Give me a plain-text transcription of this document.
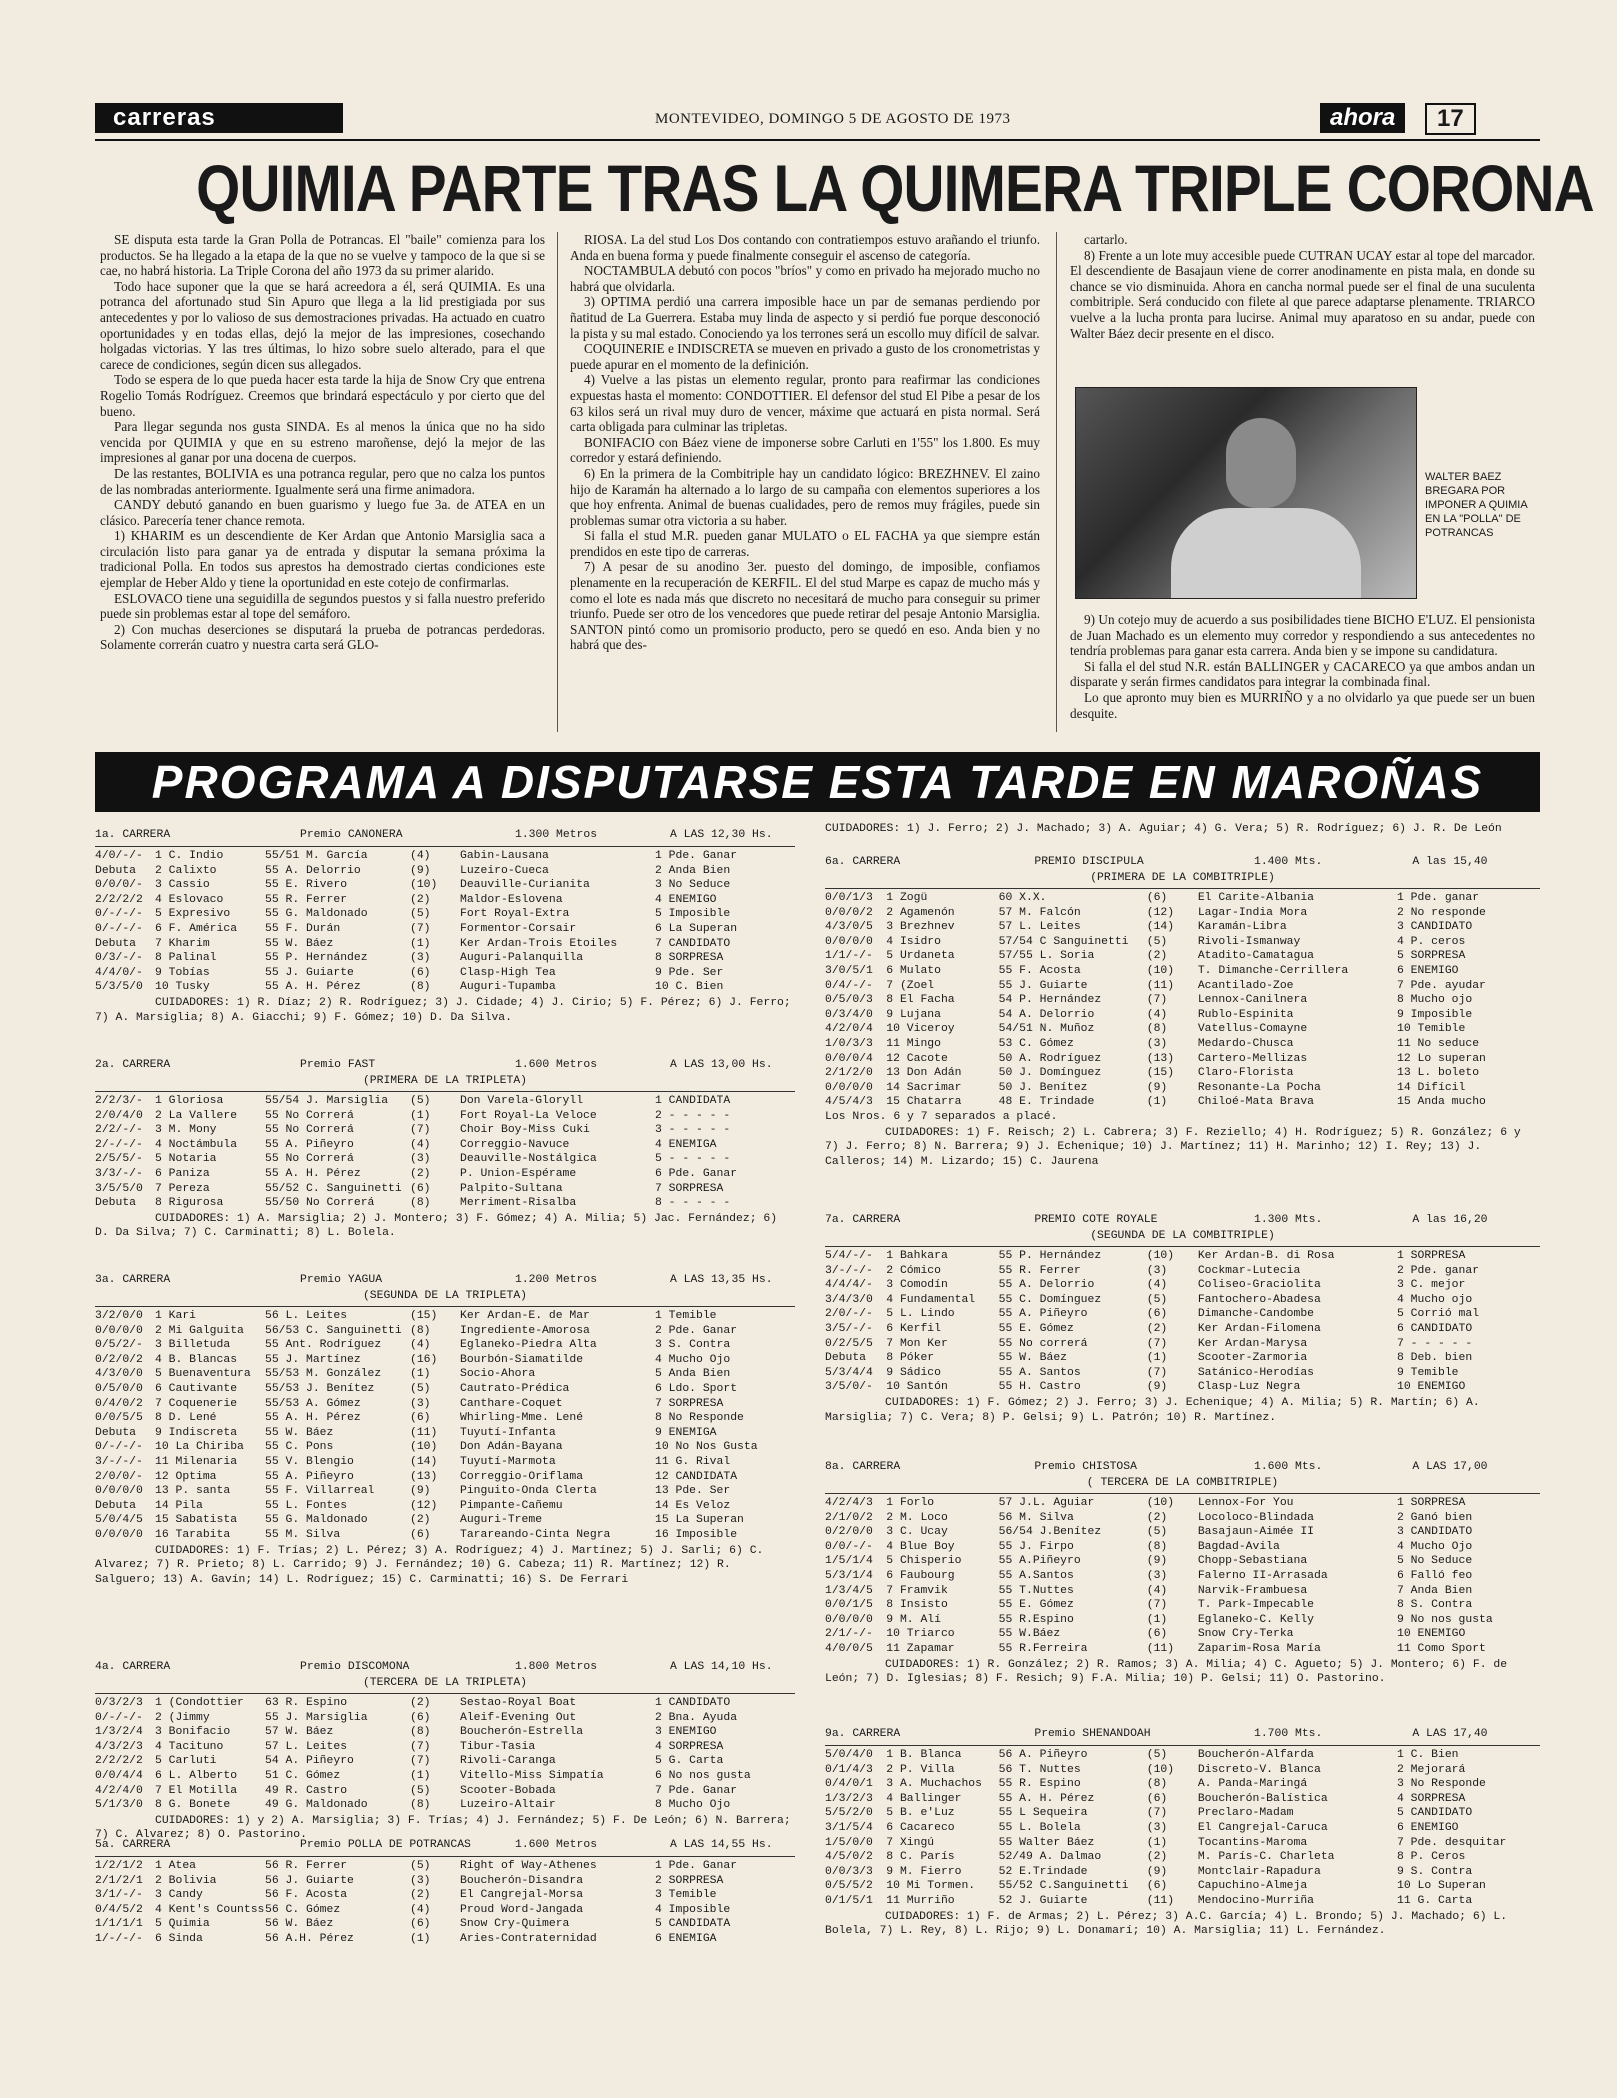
carreras	MONTEVIDEO, DOMINGO 5 DE AGOSTO DE 1973	ahora	17
QUIMIA PARTE TRAS LA QUIMERA TRIPLE CORONA

SE disputa esta tarde la Gran Polla de Potrancas. El "baile" comienza para los productos. Se ha llegado a la etapa de la que no se vuelve y tampoco de la que si se cae, no habrá historia. La Triple Corona del año 1973 da su primer alarido.

Todo hace suponer que la que se hará acreedora a él, será QUIMIA. Es una potranca del afortunado stud Sin Apuro que llega a la lid prestigiada por sus antecedentes y por lo valioso de sus demostraciones privadas. Ha actuado en cuatro oportunidades y en todas ellas, dejó la mejor de las impresiones, cosechando holgadas victorias. Y las tres últimas, lo hizo sobre suelo alterado, para el que carece de condiciones, según dicen sus allegados.

Todo se espera de lo que pueda hacer esta tarde la hija de Snow Cry que entrena Rogelio Tomás Rodríguez. Creemos que brindará espectáculo y por cierto que del bueno.

Para llegar segunda nos gusta SINDA. Es al menos la única que no ha sido vencida por QUIMIA y que en su estreno maroñense, dejó la mejor de las impresiones al ganar por una docena de cuerpos.

De las restantes, BOLIVIA es una potranca regular, pero que no calza los puntos de las nombradas anteriormente. Igualmente será una firme animadora.

CANDY debutó ganando en buen guarismo y luego fue 3a. de ATEA en un clásico. Parecería tener chance remota.

1) KHARIM es un descendiente de Ker Ardan que Antonio Marsiglia saca a circulación listo para ganar ya de entrada y disputar la semana próxima la tradicional Polla. En todos sus aprestos ha demostrado ciertas condiciones este ejemplar de Heber Aldo y tiene la oportunidad en este cotejo de confirmarlas.

ESLOVACO tiene una seguidilla de segundos puestos y si falla nuestro preferido puede sin problemas estar al tope del semáforo.

2) Con muchas deserciones se disputará la prueba de potrancas perdedoras. Solamente correrán cuatro y nuestra carta será GLO-

RIOSA. La del stud Los Dos contando con contratiempos estuvo arañando el triunfo. Anda en buena forma y puede finalmente conseguir el ascenso de categoría.

NOCTAMBULA debutó con pocos "bríos" y como en privado ha mejorado mucho no habrá que olvidarla.

3) OPTIMA perdió una carrera imposible hace un par de semanas perdiendo por ñatitud de La Guerrera. Estaba muy linda de aspecto y si perdió fue porque desconoció la pista y su mal estado. Conociendo ya los terrones será un escollo muy difícil de salvar.

COQUINERIE e INDISCRETA se mueven en privado a gusto de los cronometristas y puede apurar en el momento de la definición.

4) Vuelve a las pistas un elemento regular, pronto para reafirmar las condiciones expuestas hasta el momento: CONDOTTIER. El defensor del stud El Pibe a pesar de los 63 kilos será un rival muy duro de vencer, máxime que actuará en pista normal. Será carta obligada para culminar las tripletas.

BONIFACIO con Báez viene de imponerse sobre Carluti en 1'55" los 1.800. Es muy corredor y estará definiendo.

6) En la primera de la Combitriple hay un candidato lógico: BREZHNEV. El zaino hijo de Karamán ha alternado a lo largo de su campaña con elementos superiores a los que hoy enfrenta. Animal de buenas cualidades, pero de remos muy frágiles, puede sin problemas sumar otra victoria a su haber.

Si falla el stud M.R. pueden ganar MULATO o EL FACHA ya que siempre están prendidos en este tipo de carreras.

7) A pesar de su anodino 3er. puesto del domingo, de imposible, confiamos plenamente en la recuperación de KERFIL. El del stud Marpe es capaz de mucho más y como el lote es nada más que discreto no necesitará de mucho para conseguir su primer triunfo. Puede ser otro de los vencedores que puede retirar del pesaje Antonio Marsiglia. SANTON pintó como un promisorio producto, pero se quedó en eso. Anda bien y no habrá que des-

cartarlo.

8) Frente a un lote muy accesible puede CUTRAN UCAY estar al tope del marcador. El descendiente de Basajaun viene de correr anodinamente en pista mala, en donde su chance se vio disminuida. Ahora en cancha normal puede ser el final de una suculenta combitriple. Será conducido con filete al que parece adaptarse plenamente. TRIARCO vuelve a la lucha pronta para lucirse. Animal muy aparatoso en su andar, puede con Walter Báez decir presente en el disco.

WALTER BAEZ BREGARA POR IMPONER A QUIMIA EN LA "POLLA" DE POTRANCAS

9) Un cotejo muy de acuerdo a sus posibilidades tiene BICHO E'LUZ. El pensionista de Juan Machado es un elemento muy corredor y respondiendo a sus antecedentes no tendría problemas para ganar esta carrera. Anda bien y se impone su candidatura.

Si falla el del stud N.R. están BALLINGER y CACARECO ya que ambos andan un disparate y serán firmes candidatos para integrar la combinada final.

Lo que apronto muy bien es MURRIÑO y a no olvidarlo ya que puede ser un buen desquite.

PROGRAMA A DISPUTARSE ESTA TARDE EN MAROÑAS
CUIDADORES: 1) J. Ferro; 2) J. Machado; 3) A. Aguiar; 4) G. Vera; 5) R. Rodríguez; 6) J. R. De León
1a. CARRERA	Premio CANONERA	1.300 Metros	A LAS 12,30 Hs.
4/0/-/- 1 C. Indio	55/51 M. García	(4)	Gabin-Lausana	1 Pde. Ganar
Debuta 2 Calixto	55 A. Delorrio	(9)	Luzeiro-Cueca	2 Anda Bien
0/0/0/- 3 Cassio	55 E. Rivero	(10) Deauville-Curianita	3 No Seduce
2/2/2/2 4 Eslovaco	55 R. Ferrer	(2)	Maldor-Eslovena	4 ENEMIGO
0/-/-/- 5 Expresivo	55 G. Maldonado	(5)	Fort Royal-Extra	5 Imposible
0/-/-/- 6 F. América 55 F. Durán	(7)	Formentor-Corsair	6 La Superan
Debuta 7 Kharim	55 W. Báez	(1)	Ker Ardan-Trois Etoiles	7 CANDIDATO
0/3/-/- 8 Palinal	55 P. Hernández	(3)	Auguri-Palanquilla	8 SORPRESA
4/4/0/- 9 Tobías	55 J. Guiarte	(6)	Clasp-High Tea	9 Pde. Ser
5/3/5/0 10 Tusky	55 A. H. Pérez	(8)	Auguri-Tupamba	10 C. Bien
CUIDADORES: 1) R. Díaz; 2) R. Rodríguez; 3) J. Cidade; 4) J. Cirio; 5) F. Pérez; 6) J. Ferro; 7) A. Marsiglia; 8) A. Giacchi; 9) F. Gómez; 10) D. Da Silva.
2a. CARRERA	Premio FAST	1.600 Metros	A LAS 13,00 Hs.
(PRIMERA DE LA TRIPLETA)
2/2/3/- 1 Gloriosa	55/54 J. Marsiglia (5)	Don Varela-Gloryll	1 CANDIDATA
2/0/4/0 2 La Vallere 55 No Correrá	(1)	Fort Royal-La Veloce	2 - - - - -
2/2/-/- 3 M. Mony	55 No Correrá	(7)	Choir Boy-Miss Cuki	3 - - - - -
2/-/-/- 4 Noctámbula 55 A. Piñeyro	(4)	Correggio-Navuce	4 ENEMIGA
2/5/5/- 5 Notaria	55 No Correrá	(3)	Deauville-Nostálgica	5 - - - - -
3/3/-/- 6 Paniza	55 A. H. Pérez	(2)	P. Union-Espérame	6 Pde. Ganar
3/5/5/0 7 Pereza	55/52 C. Sanguinetti (6)	Palpito-Sultana	7 SORPRESA
Debuta 8 Rigurosa	55/50 No Correrá	(8)	Merriment-Risalba	8 - - - - -
CUIDADORES: 1) A. Marsiglia; 2) J. Montero; 3) F. Gómez; 4) A. Milia; 5) Jac. Fernández; 6) D. Da Silva; 7) C. Carminatti; 8) L. Bolela.
3a. CARRERA	Premio YAGUA	1.200 Metros	A LAS 13,35 Hs.
(SEGUNDA DE LA TRIPLETA)
3/2/0/0 1 Kari	56 L. Leites	(15) Ker Ardan-E. de Mar	1 Temible
0/0/0/0 2 Mi Galguita 56/53 C. Sanguinetti (8)	Ingrediente-Amorosa	2 Pde. Ganar
0/5/2/- 3 Billetuda	55 Ant. Rodríguez	(4)	Eglaneko-Piedra Alta	3 S. Contra
0/2/0/2 4 B. Blancas 55 J. Martínez	(16) Bourbón-Siamatilde	4 Mucho Ojo
4/3/0/0 5 Buenaventura 55/53 M. González	(1)	Socio-Ahora	5 Anda Bien
0/5/0/0 6 Cautivante 55/53 J. Benítez	(5)	Cautrato-Prédica	6 Ldo. Sport
0/4/0/2 7 Coquenerie 55/53 A. Gómez	(3)	Canthare-Coquet	7 SORPRESA
0/0/5/5 8 D. Lené	55 A. H. Pérez	(6)	Whirling-Mme. Lené	8 No Responde
Debuta 9 Indiscreta 55 W. Báez	(11) Tuyutí-Infanta	9 ENEMIGA
0/-/-/- 10 La Chiriba 55 C. Pons	(10) Don Adán-Bayana	10 No Nos Gusta
3/-/-/- 11 Milenaria 55 V. Blengio	(14) Tuyutí-Marmota	11 G. Rival
2/0/0/- 12 Optima	55 A. Piñeyro	(13) Correggio-Oriflama	12 CANDIDATA
0/0/0/0 13 P. santa	55 F. Villarreal	(9)	Pinguito-Onda Clerta	13 Pde. Ser
Debuta 14 Pila	55 L. Fontes	(12) Pimpante-Cañemu	14 Es Veloz
5/0/4/5 15 Sabatista 55 G. Maldonado	(2)	Auguri-Treme	15 La Superan
0/0/0/0 16 Tarabita	55 M. Silva	(6)	Tarareando-Cinta Negra	16 Imposible
CUIDADORES: 1) F. Trías; 2) L. Pérez; 3) A. Rodríguez; 4) J. Martínez; 5) J. Sarli; 6) C. Alvarez; 7) R. Prieto; 8) L. Carrido; 9) J. Fernández; 10) G. Cabeza; 11) R. Martínez; 12) R. Salguero; 13) A. Gavín; 14) L. Rodríguez; 15) C. Carminatti; 16) S. De Ferrari
4a. CARRERA	Premio DISCOMONA	1.800 Metros	A LAS 14,10 Hs.
(TERCERA DE LA TRIPLETA)
0/3/2/3 1 (Condottier 63 R. Espino	(2)	Sestao-Royal Boat	1 CANDIDATO
0/-/-/- 2 (Jimmy	55 J. Marsiglia	(6)	Aleif-Evening Out	2 Bna. Ayuda
1/3/2/4 3 Bonifacio	57 W. Báez	(8)	Boucherón-Estrella	3 ENEMIGO
4/3/2/3 4 Tacituno	57 L. Leites	(7)	Tibur-Tasia	4 SORPRESA
2/2/2/2 5 Carluti	54 A. Piñeyro	(7)	Rivoli-Caranga	5 G. Carta
0/0/4/4 6 L. Alberto 51 C. Gómez	(1)	Vitello-Miss Simpatía	6 No nos gusta
4/2/4/0 7 El Motilla 49 R. Castro	(5)	Scooter-Bobada	7 Pde. Ganar
5/1/3/0 8 G. Bonete	49 G. Maldonado	(8)	Luzeiro-Altair	8 Mucho Ojo
CUIDADORES: 1) y 2) A. Marsiglia; 3) F. Trías; 4) J. Fernández; 5) F. De León; 6) N. Barrera; 7) C. Alvarez; 8) O. Pastorino.
5a. CARRERA	Premio POLLA DE POTRANCAS	1.600 Metros	A LAS 14,55 Hs.
1/2/1/2 1 Atea	56 R. Ferrer	(5)	Right of Way-Athenes	1 Pde. Ganar
2/1/2/1 2 Bolivia	56 J. Guiarte	(3)	Boucherón-Disandra	2 SORPRESA
3/1/-/- 3 Candy	56 F. Acosta	(2)	El Cangrejal-Morsa	3 Temible
0/4/5/2 4 Kent's Countss 56 C. Gómez	(4)	Proud Word-Jangada	4 Imposible
1/1/1/1 5 Quimia	56 W. Báez	(6)	Snow Cry-Quimera	5 CANDIDATA
1/-/-/- 6 Sinda	56 A.H. Pérez	(1)	Aries-Contraternidad	6 ENEMIGA
6a. CARRERA	PREMIO DISCIPULA	1.400 Mts.	A las 15,40
(PRIMERA DE LA COMBITRIPLE)
0/0/1/3 1 Zogü	60 X.X.	(6)	El Carite-Albania	1 Pde. ganar
0/0/0/2 2 Agamenón	57 M. Falcón	(12) Lagar-India Mora	2 No responde
4/3/0/5 3 Brezhnev	57 L. Leites	(14) Karamán-Libra	3 CANDIDATO
0/0/0/0 4 Isidro	57/54 C Sanguinetti (5)	Rivoli-Ismanway	4 P. ceros
1/1/-/- 5 Urdaneta	57/55 L. Soria	(2)	Atadito-Camatagua	5 SORPRESA
3/0/5/1 6 Mulato	55 F. Acosta	(10) T. Dimanche-Cerrillera	6 ENEMIGO
0/4/-/- 7 (Zoel	55 J. Guiarte	(11) Acantilado-Zoe	7 Pde. ayudar
0/5/0/3 8 El Facha	54 P. Hernández	(7)	Lennox-Canilnera	8 Mucho ojo
0/3/4/0 9 Lujana	54 A. Delorrio	(4)	Rublo-Espinita	9 Imposible
4/2/0/4 10 Viceroy	54/51 N. Muñoz	(8)	Vatellus-Comayne	10 Temible
1/0/3/3 11 Mingo	53 C. Gómez	(3)	Medardo-Chusca	11 No seduce
0/0/0/4 12 Cacote	50 A. Rodríguez	(13) Cartero-Mellizas	12 Lo superan
2/1/2/0 13 Don Adán	50 J. Domínguez	(15) Claro-Florista	13 L. boleto
0/0/0/0 14 Sacrimar	50 J. Benítez	(9)	Resonante-La Pocha	14 Difícil
4/5/4/3 15 Chatarra	48 E. Trindade	(1)	Chiloé-Mata Brava	15 Anda mucho
Los Nros. 6 y 7 separados a placé.
CUIDADORES: 1) F. Reisch; 2) L. Cabrera; 3) F. Reziello; 4) H. Rodríguez; 5) R. González; 6 y 7) J. Ferro; 8) N. Barrera; 9) J. Echenique; 10) J. Martínez; 11) H. Marinho; 12) I. Rey; 13) J. Calleros; 14) M. Lizardo; 15) C. Jaurena
7a. CARRERA	PREMIO COTE ROYALE	1.300 Mts.	A las 16,20
(SEGUNDA DE LA COMBITRIPLE)
5/4/-/- 1 Bahkara	55 P. Hernández	(10) Ker Ardan-B. di Rosa	1 SORPRESA
3/-/-/- 2 Cómico	55 R. Ferrer	(3)	Cockmar-Lutecia	2 Pde. ganar
4/4/4/- 3 Comodín	55 A. Delorrio	(4)	Coliseo-Graciolita	3 C. mejor
3/4/3/0 4 Fundamental 55 C. Domínguez	(5)	Fantochero-Abadesa	4 Mucho ojo
2/0/-/- 5 L. Lindo	55 A. Piñeyro	(6)	Dimanche-Candombe	5 Corrió mal
3/5/-/- 6 Kerfil	55 E. Gómez	(2)	Ker Ardan-Filomena	6 CANDIDATO
0/2/5/5 7 Mon Ker	55 No correrá	(7)	Ker Ardan-Marysa	7 - - - - -
Debuta 8 Póker	55 W. Báez	(1)	Scooter-Zarmoria	8 Deb. bien
5/3/4/4 9 Sádico	55 A. Santos	(7)	Satánico-Herodías	9 Temible
3/5/0/- 10 Santón	55 H. Castro	(9)	Clasp-Luz Negra	10 ENEMIGO
CUIDADORES: 1) F. Gómez; 2) J. Ferro; 3) J. Echenique; 4) A. Milia; 5) R. Martín; 6) A. Marsiglia; 7) C. Vera; 8) P. Gelsi; 9) L. Patrón; 10) R. Martínez.
8a. CARRERA	Premio CHISTOSA	1.600 Mts.	A LAS 17,00
( TERCERA DE LA COMBITRIPLE)
4/2/4/3 1 Forlo	57 J.L. Aguiar	(10) Lennox-For You	1 SORPRESA
2/1/0/2 2 M. Loco	56 M. Silva	(2)	Locoloco-Blindada	2 Ganó bien
0/2/0/0 3 C. Ucay	56/54 J.Benítez	(5)	Basajaun-Aimée II	3 CANDIDATO
0/0/-/- 4 Blue Boy	55 J. Firpo	(8)	Bagdad-Avila	4 Mucho Ojo
1/5/1/4 5 Chisperio	55 A.Piñeyro	(9)	Chopp-Sebastiana	5 No Seduce
5/3/1/4 6 Faubourg	55 A.Santos	(3)	Falerno II-Arrasada	6 Falló feo
1/3/4/5 7 Framvik	55 T.Nuttes	(4)	Narvik-Frambuesa	7 Anda Bien
0/0/1/5 8 Insisto	55 E. Gómez	(7)	T. Park-Impecable	8 S. Contra
0/0/0/0 9 M. Alí	55 R.Espino	(1)	Eglaneko-C. Kelly	9 No nos gusta
2/1/-/- 10 Triarco	55 W.Báez	(6)	Snow Cry-Terka	10 ENEMIGO
4/0/0/5 11 Zapamar	55 R.Ferreira	(11) Zaparim-Rosa María	11 Como Sport
CUIDADORES: 1) R. González; 2) R. Ramos; 3) A. Milia; 4) C. Agueto; 5) J. Montero; 6) F. de León; 7) D. Iglesias; 8) F. Resich; 9) F.A. Milia; 10) P. Gelsi; 11) O. Pastorino.
9a. CARRERA	Premio SHENANDOAH	1.700 Mts.	A LAS 17,40
5/0/4/0 1 B. Blanca	56 A. Piñeyro	(5)	Boucherón-Alfarda	1 C. Bien
0/1/4/3 2 P. Villa	56 T. Nuttes	(10) Discreto-V. Blanca	2 Mejorará
0/4/0/1 3 A. Muchachos 55 R. Espino	(8)	A. Panda-Maringá	3 No Responde
1/3/2/3 4 Ballinger	55 A. H. Pérez	(6)	Boucherón-Balística	4 SORPRESA
5/5/2/0 5 B. e'Luz	55 L Sequeira	(7)	Preclaro-Madam	5 CANDIDATO
3/1/5/4 6 Cacareco	55 L. Bolela	(3)	El Cangrejal-Caruca	6 ENEMIGO
1/5/0/0 7 Xingú	55 Walter Báez	(1)	Tocantins-Maroma	7 Pde. desquitar
4/5/0/2 8 C. París	52/49 A. Dalmao	(2)	M. París-C. Charleta	8 P. Ceros
0/0/3/3 9 M. Fierro	52 E.Trindade	(9)	Montclair-Rapadura	9 S. Contra
0/5/5/2 10 Mi Tormen. 55/52 C.Sanguinetti (6)	Capuchino-Almeja	10 Lo Superan
0/1/5/1 11 Murriño	52 J. Guiarte	(11) Mendocino-Murriña	11 G. Carta
CUIDADORES: 1) F. de Armas; 2) L. Pérez; 3) A.C. García; 4) L. Brondo; 5) J. Machado; 6) L. Bolela, 7) L. Rey, 8) L. Rijo; 9) L. Donamarí; 10) A. Marsiglia; 11) L. Fernández.
